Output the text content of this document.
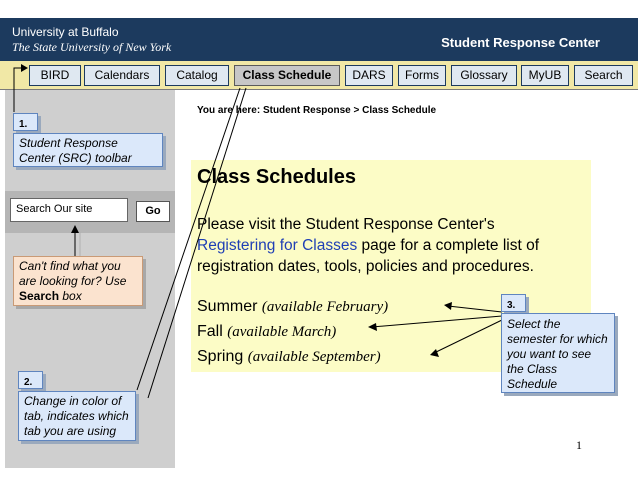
University at Buffalo
The State University of New York	Student Response Center
BIRD	Calendars	Catalog	Class Schedule	DARS	Forms	Glossary	MyUB	Search
Search Our site	Go
You are here: Student Response > Class Schedule
Class Schedules
Please visit the Student Response Center's Registering for Classes page for a complete list of registration dates, tools, policies and procedures.
Summer (available February)
Fall (available March)
Spring (available September)
1.
Student Response Center (SRC) toolbar
Can't find what you are looking for? Use Search box
2.
Change in color of tab, indicates which tab you are using
3.
Select the semester for which you want to see the Class Schedule
1
